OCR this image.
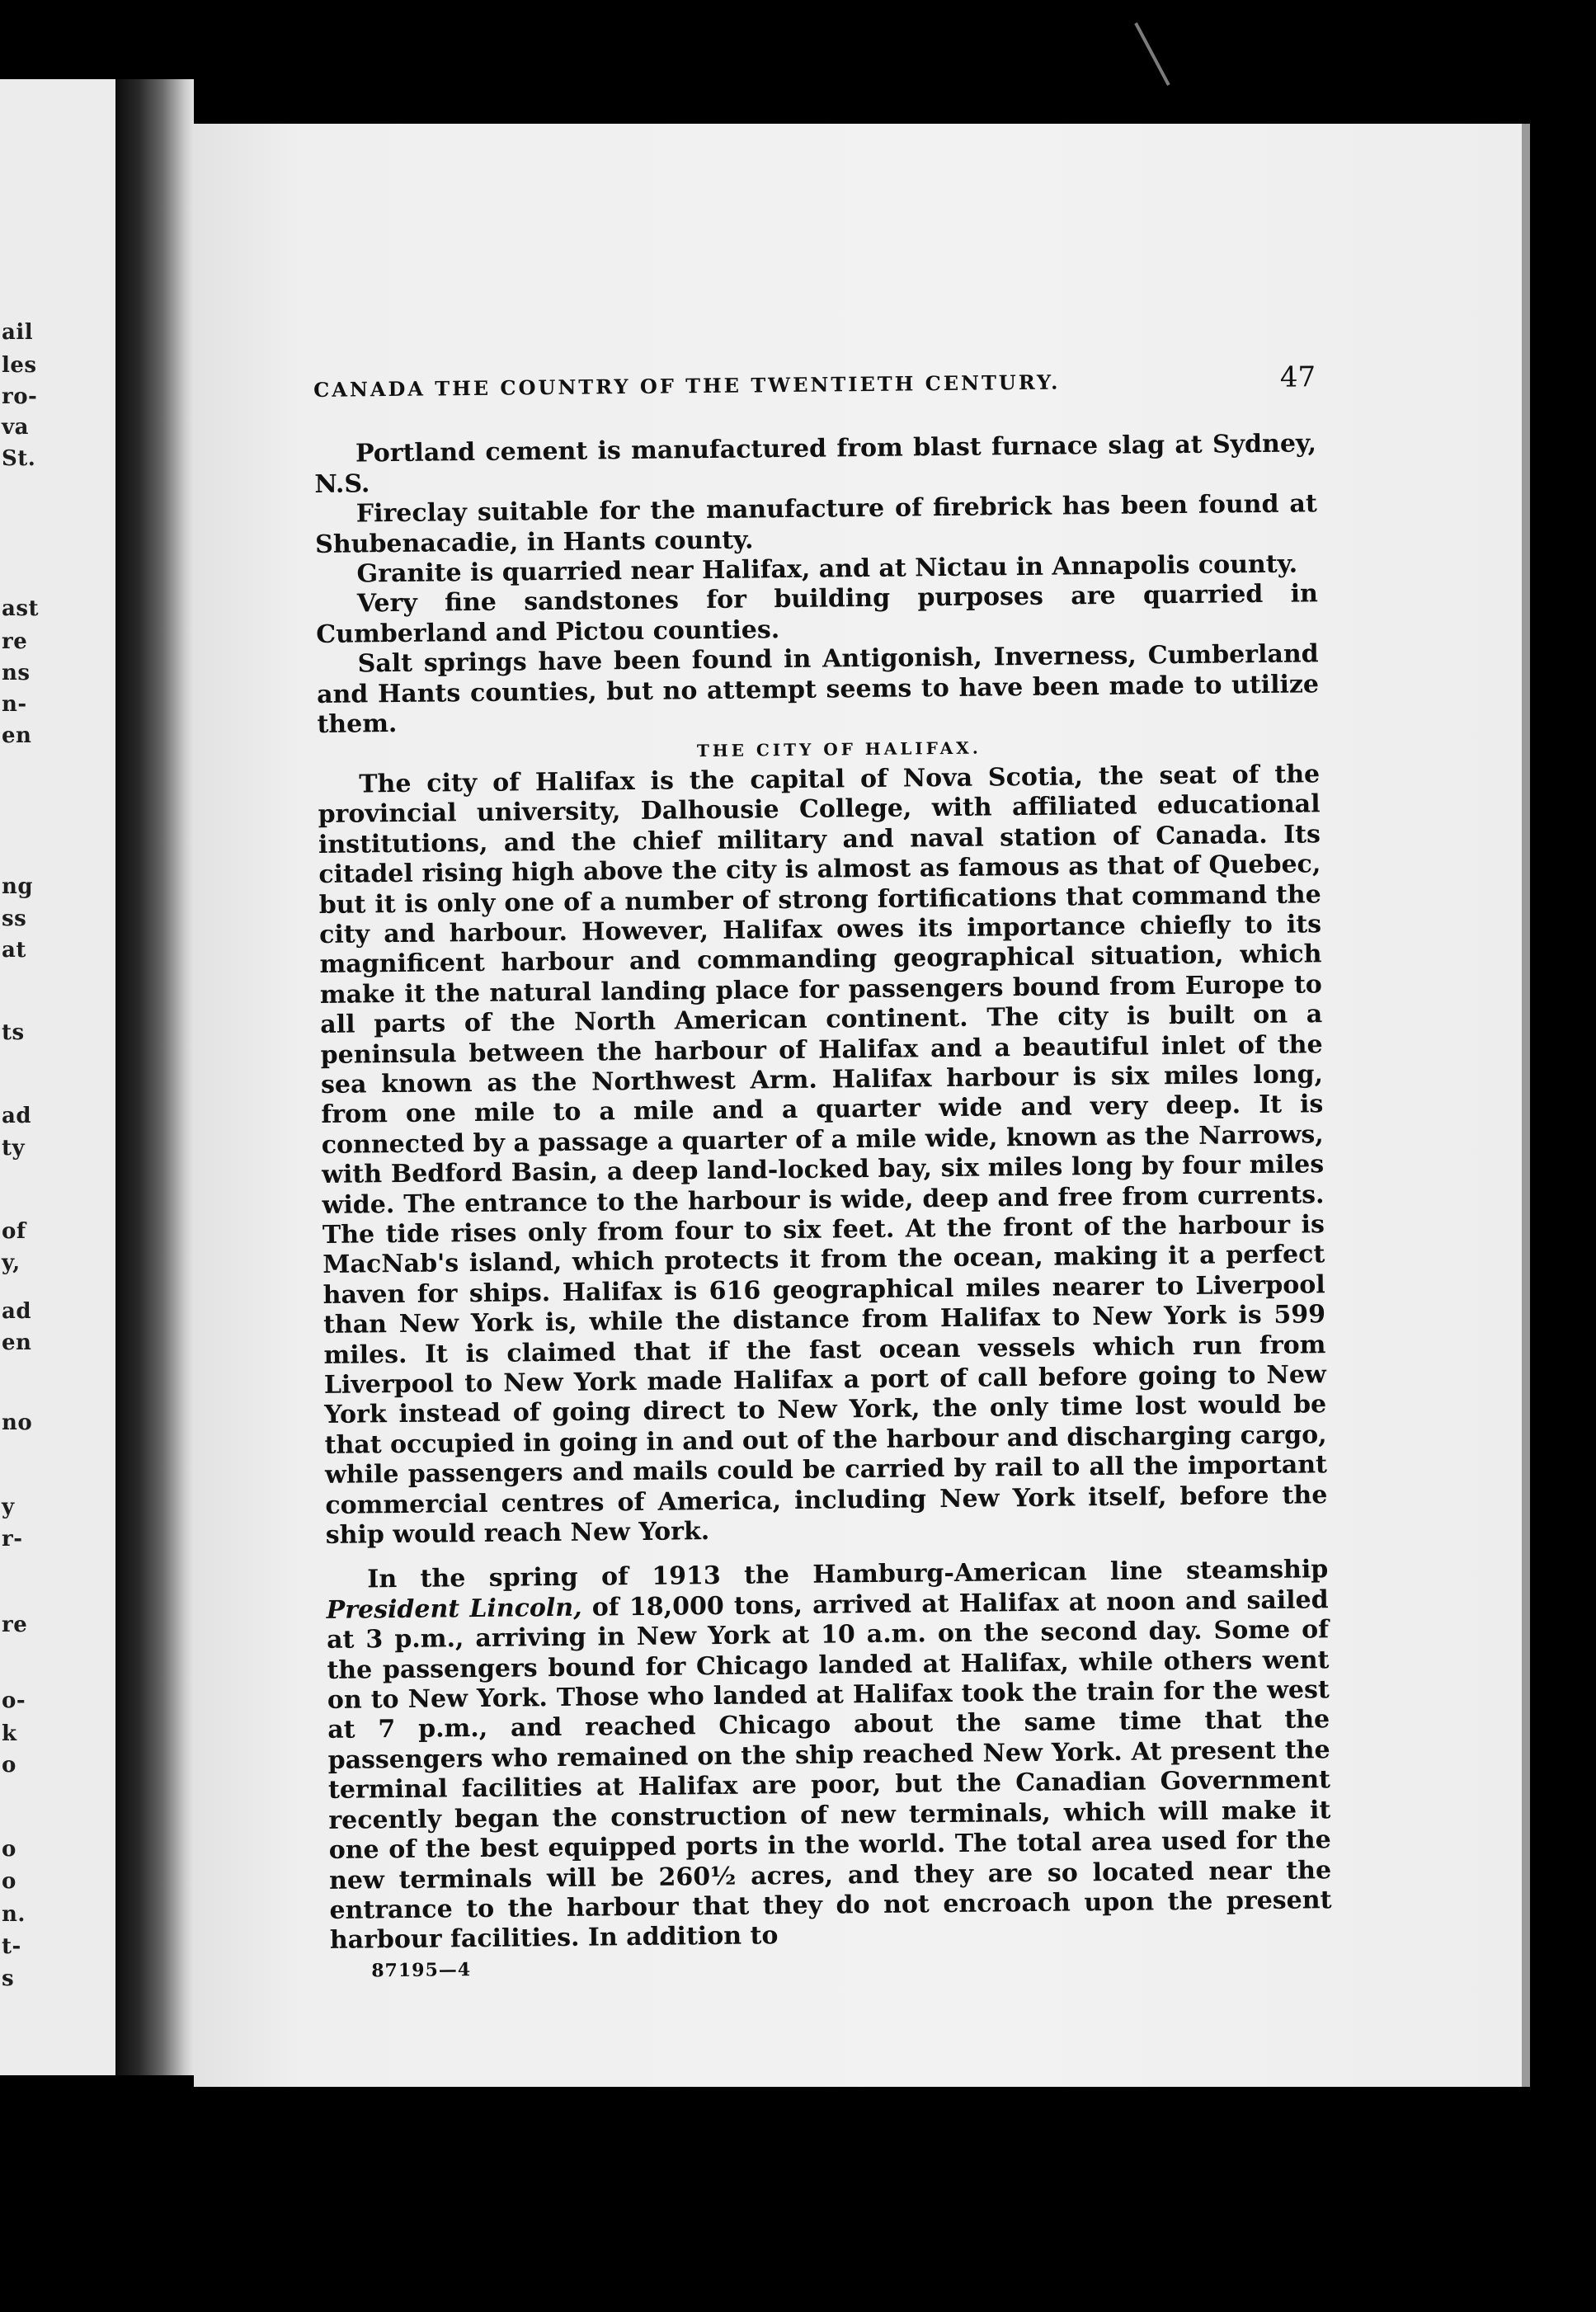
ail
les
ro-
va
St.
ast
re
ns
n-
en
ng
ss
at
ts
ad
ty
of
y,
ad
en
no
y
r-
re
o-
k
o
o
o
n.
t-
s
CANADA THE COUNTRY OF THE TWENTIETH CENTURY.	47

Portland cement is manufactured from blast furnace slag at Sydney, N.S.

Fireclay suitable for the manufacture of firebrick has been found at Shubenacadie, in Hants county.

Granite is quarried near Halifax, and at Nictau in Annapolis county.

Very fine sandstones for building purposes are quarried in Cumberland and Pictou counties.

Salt springs have been found in Antigonish, Inverness, Cumberland and Hants counties, but no attempt seems to have been made to utilize them.

THE CITY OF HALIFAX.

The city of Halifax is the capital of Nova Scotia, the seat of the provincial university, Dalhousie College, with affiliated educational institutions, and the chief military and naval station of Canada. Its citadel rising high above the city is almost as famous as that of Quebec, but it is only one of a number of strong fortifications that command the city and harbour. However, Halifax owes its importance chiefly to its magnificent harbour and commanding geographical situation, which make it the natural landing place for passengers bound from Europe to all parts of the North American continent. The city is built on a peninsula between the harbour of Halifax and a beautiful inlet of the sea known as the Northwest Arm. Halifax harbour is six miles long, from one mile to a mile and a quarter wide and very deep. It is connected by a passage a quarter of a mile wide, known as the Narrows, with Bedford Basin, a deep land-locked bay, six miles long by four miles wide. The entrance to the harbour is wide, deep and free from currents. The tide rises only from four to six feet. At the front of the harbour is MacNab's island, which protects it from the ocean, making it a perfect haven for ships. Halifax is 616 geographical miles nearer to Liverpool than New York is, while the distance from Halifax to New York is 599 miles. It is claimed that if the fast ocean vessels which run from Liverpool to New York made Halifax a port of call before going to New York instead of going direct to New York, the only time lost would be that occupied in going in and out of the harbour and discharging cargo, while passengers and mails could be carried by rail to all the important commercial centres of America, including New York itself, before the ship would reach New York.

In the spring of 1913 the Hamburg-American line steamship President Lincoln, of 18,000 tons, arrived at Halifax at noon and sailed at 3 p.m., arriving in New York at 10 a.m. on the second day. Some of the passengers bound for Chicago landed at Halifax, while others went on to New York. Those who landed at Halifax took the train for the west at 7 p.m., and reached Chicago about the same time that the passengers who remained on the ship reached New York. At present the terminal facilities at Halifax are poor, but the Canadian Government recently began the construction of new terminals, which will make it one of the best equipped ports in the world. The total area used for the new terminals will be 260½ acres, and they are so located near the entrance to the harbour that they do not encroach upon the present harbour facilities. In addition to

87195—4
